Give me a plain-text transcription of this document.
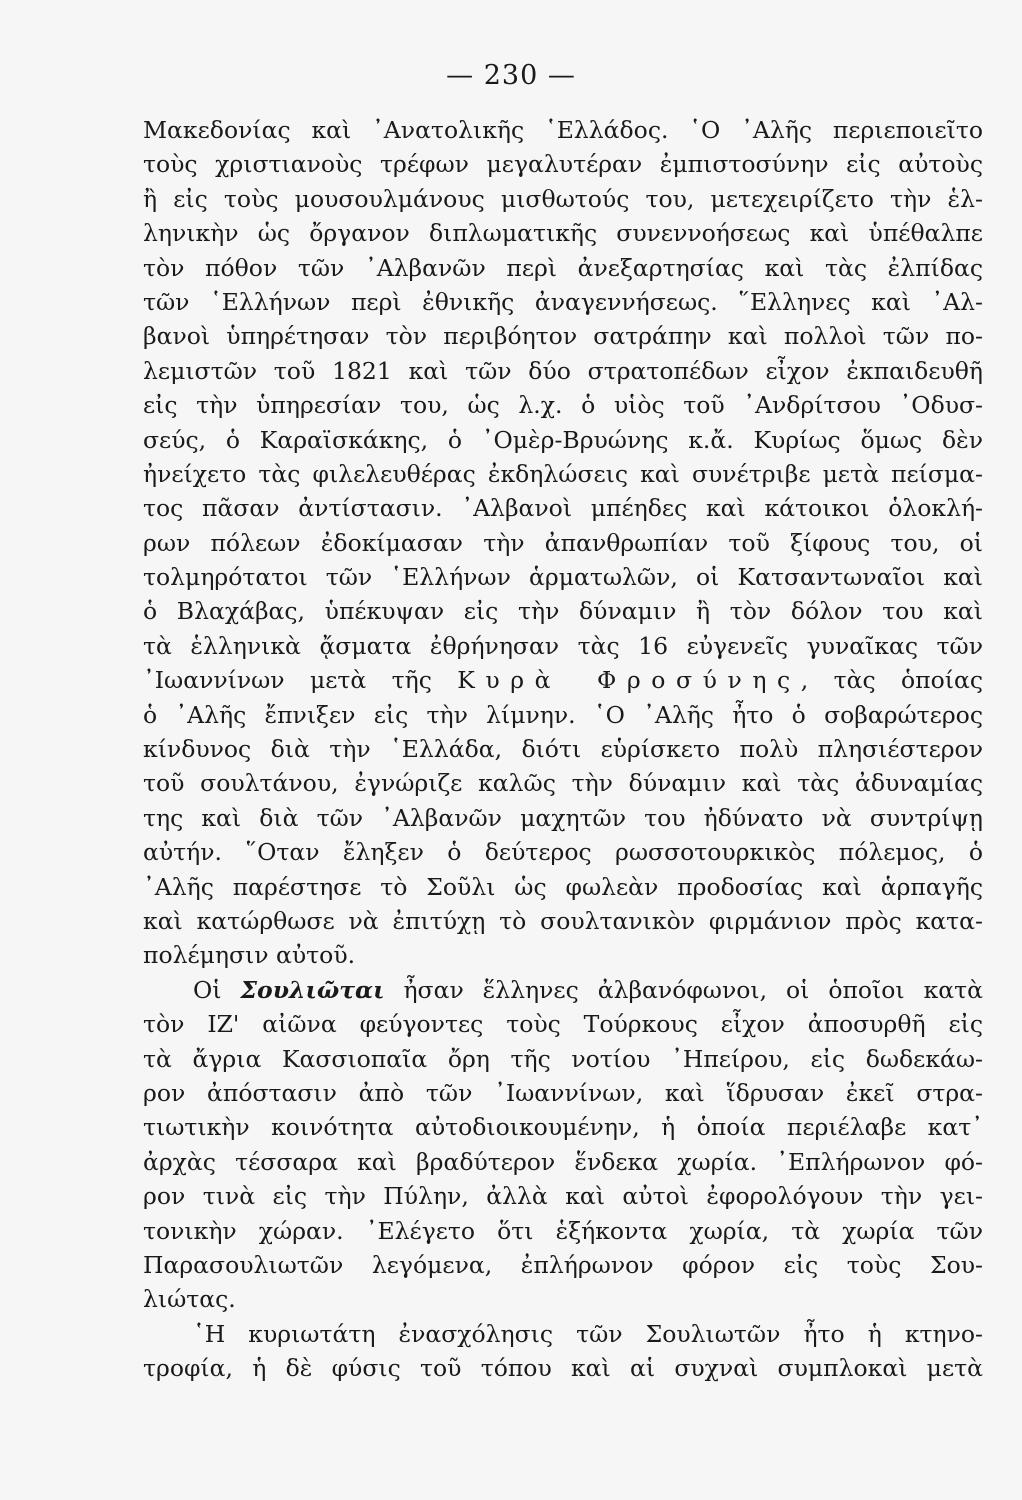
— 230 —
Μακεδονίας καὶ ᾿Ανατολικῆς ῾Ελλάδος. ῾Ο ᾿Αλῆς περιεποιεῖτο
τοὺς χριστιανοὺς τρέφων μεγαλυτέραν ἐμπιστοσύνην εἰς αὐτοὺς
ἢ εἰς τοὺς μουσουλμάνους μισθωτούς του, μετεχειρίζετο τὴν ἑλ-
ληνικὴν ὡς ὄργανον διπλωματικῆς συνεννοήσεως καὶ ὑπέθαλπε
τὸν πόθον τῶν ᾿Αλβανῶν περὶ ἀνεξαρτησίας καὶ τὰς ἐλπίδας
τῶν ῾Ελλήνων περὶ ἐθνικῆς ἀναγεννήσεως. ῞Ελληνες καὶ ᾿Αλ-
βανοὶ ὑπηρέτησαν τὸν περιβόητον σατράπην καὶ πολλοὶ τῶν πο-
λεμιστῶν τοῦ 1821 καὶ τῶν δύο στρατοπέδων εἶχον ἐκπαιδευθῆ
εἰς τὴν ὑπηρεσίαν του, ὡς λ.χ. ὁ υἱὸς τοῦ ᾿Ανδρίτσου ᾿Οδυσ-
σεύς, ὁ Καραϊσκάκης, ὁ ᾿Ομὲρ-Βρυώνης κ.ἄ. Κυρίως ὅμως δὲν
ἠνείχετο τὰς φιλελευθέρας ἐκδηλώσεις καὶ συνέτριβε μετὰ πείσμα-
τος πᾶσαν ἀντίστασιν. ᾿Αλβανοὶ μπέηδες καὶ κάτοικοι ὁλοκλή-
ρων πόλεων ἐδοκίμασαν τὴν ἀπανθρωπίαν τοῦ ξίφους του, οἱ
τολμηρότατοι τῶν ῾Ελλήνων ἁρματωλῶν, οἱ Κατσαντωναῖοι καὶ
ὁ Βλαχάβας, ὑπέκυψαν εἰς τὴν δύναμιν ἢ τὸν δόλον του καὶ
τὰ ἑλληνικὰ ᾄσματα ἐθρήνησαν τὰς 16 εὐγενεῖς γυναῖκας τῶν
᾿Ιωαννίνων μετὰ τῆς Κυρὰ Φροσύνης, τὰς ὁποίας
ὁ ᾿Αλῆς ἔπνιξεν εἰς τὴν λίμνην. ῾Ο ᾿Αλῆς ἦτο ὁ σοβαρώτερος
κίνδυνος διὰ τὴν ῾Ελλάδα, διότι εὑρίσκετο πολὺ πλησιέστερον
τοῦ σουλτάνου, ἐγνώριζε καλῶς τὴν δύναμιν καὶ τὰς ἀδυναμίας
της καὶ διὰ τῶν ᾿Αλβανῶν μαχητῶν του ἠδύνατο νὰ συντρίψῃ
αὐτήν. ῞Οταν ἔληξεν ὁ δεύτερος ρωσσοτουρκικὸς πόλεμος, ὁ
᾿Αλῆς παρέστησε τὸ Σοῦλι ὡς φωλεὰν προδοσίας καὶ ἁρπαγῆς
καὶ κατώρθωσε νὰ ἐπιτύχῃ τὸ σουλτανικὸν φιρμάνιον πρὸς κατα-
πολέμησιν αὐτοῦ.
Οἱ Σουλιῶται ἦσαν ἕλληνες ἀλβανόφωνοι, οἱ ὁποῖοι κατὰ
τὸν ΙΖ' αἰῶνα φεύγοντες τοὺς Τούρκους εἶχον ἀποσυρθῆ εἰς
τὰ ἄγρια Κασσιοπαῖα ὄρη τῆς νοτίου ᾿Ηπείρου, εἰς δωδεκάω-
ρον ἀπόστασιν ἀπὸ τῶν ᾿Ιωαννίνων, καὶ ἵδρυσαν ἐκεῖ στρα-
τιωτικὴν κοινότητα αὐτοδιοικουμένην, ἡ ὁποία περιέλαβε κατ᾿
ἀρχὰς τέσσαρα καὶ βραδύτερον ἕνδεκα χωρία. ᾿Επλήρωνον φό-
ρον τινὰ εἰς τὴν Πύλην, ἀλλὰ καὶ αὐτοὶ ἐφορολόγουν τὴν γει-
τονικὴν χώραν. ᾿Ελέγετο ὅτι ἑξήκοντα χωρία, τὰ χωρία τῶν
Παρασουλιωτῶν λεγόμενα, ἐπλήρωνον φόρον εἰς τοὺς Σου-
λιώτας.
῾Η κυριωτάτη ἐνασχόλησις τῶν Σουλιωτῶν ἦτο ἡ κτηνο-
τροφία, ἡ δὲ φύσις τοῦ τόπου καὶ αἱ συχναὶ συμπλοκαὶ μετὰ
